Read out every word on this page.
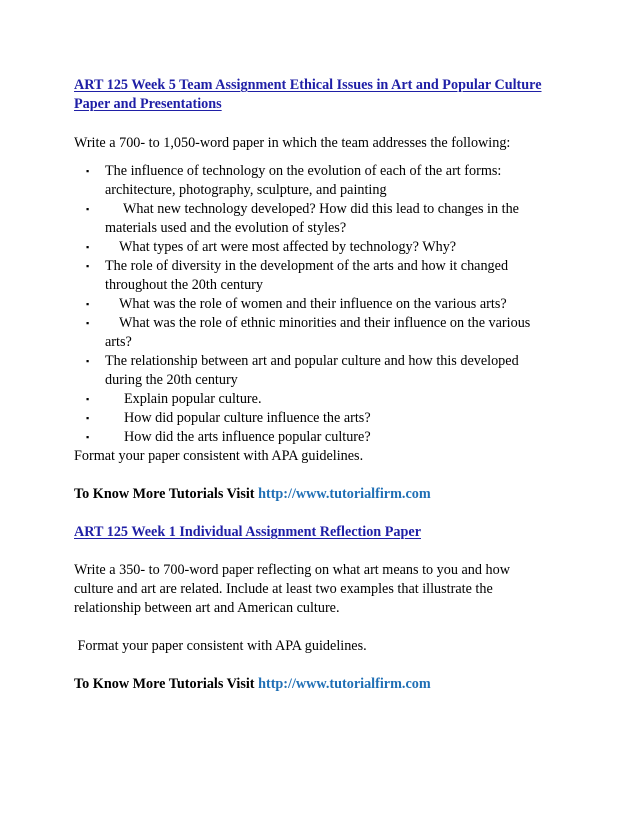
ART 125 Week 5 Team Assignment Ethical Issues in Art and Popular Culture
Paper and Presentations

Write a 700- to 1,050-word paper in which the team addresses the following:

▪ The influence of technology on the evolution of each of the art forms:
architecture, photography, sculpture, and painting
▪ What new technology developed? How did this lead to changes in the
materials used and the evolution of styles?
▪ What types of art were most affected by technology? Why?
▪ The role of diversity in the development of the arts and how it changed
throughout the 20th century
▪ What was the role of women and their influence on the various arts?
▪ What was the role of ethnic minorities and their influence on the various
arts?
▪ The relationship between art and popular culture and how this developed
during the 20th century
▪ Explain popular culture.
▪ How did popular culture influence the arts?
▪ How did the arts influence popular culture?

Format your paper consistent with APA guidelines.

To Know More Tutorials Visit http://www.tutorialfirm.com

ART 125 Week 1 Individual Assignment Reflection Paper

Write a 350- to 700-word paper reflecting on what art means to you and how
culture and art are related. Include at least two examples that illustrate the
relationship between art and American culture.

Format your paper consistent with APA guidelines.

To Know More Tutorials Visit http://www.tutorialfirm.com
